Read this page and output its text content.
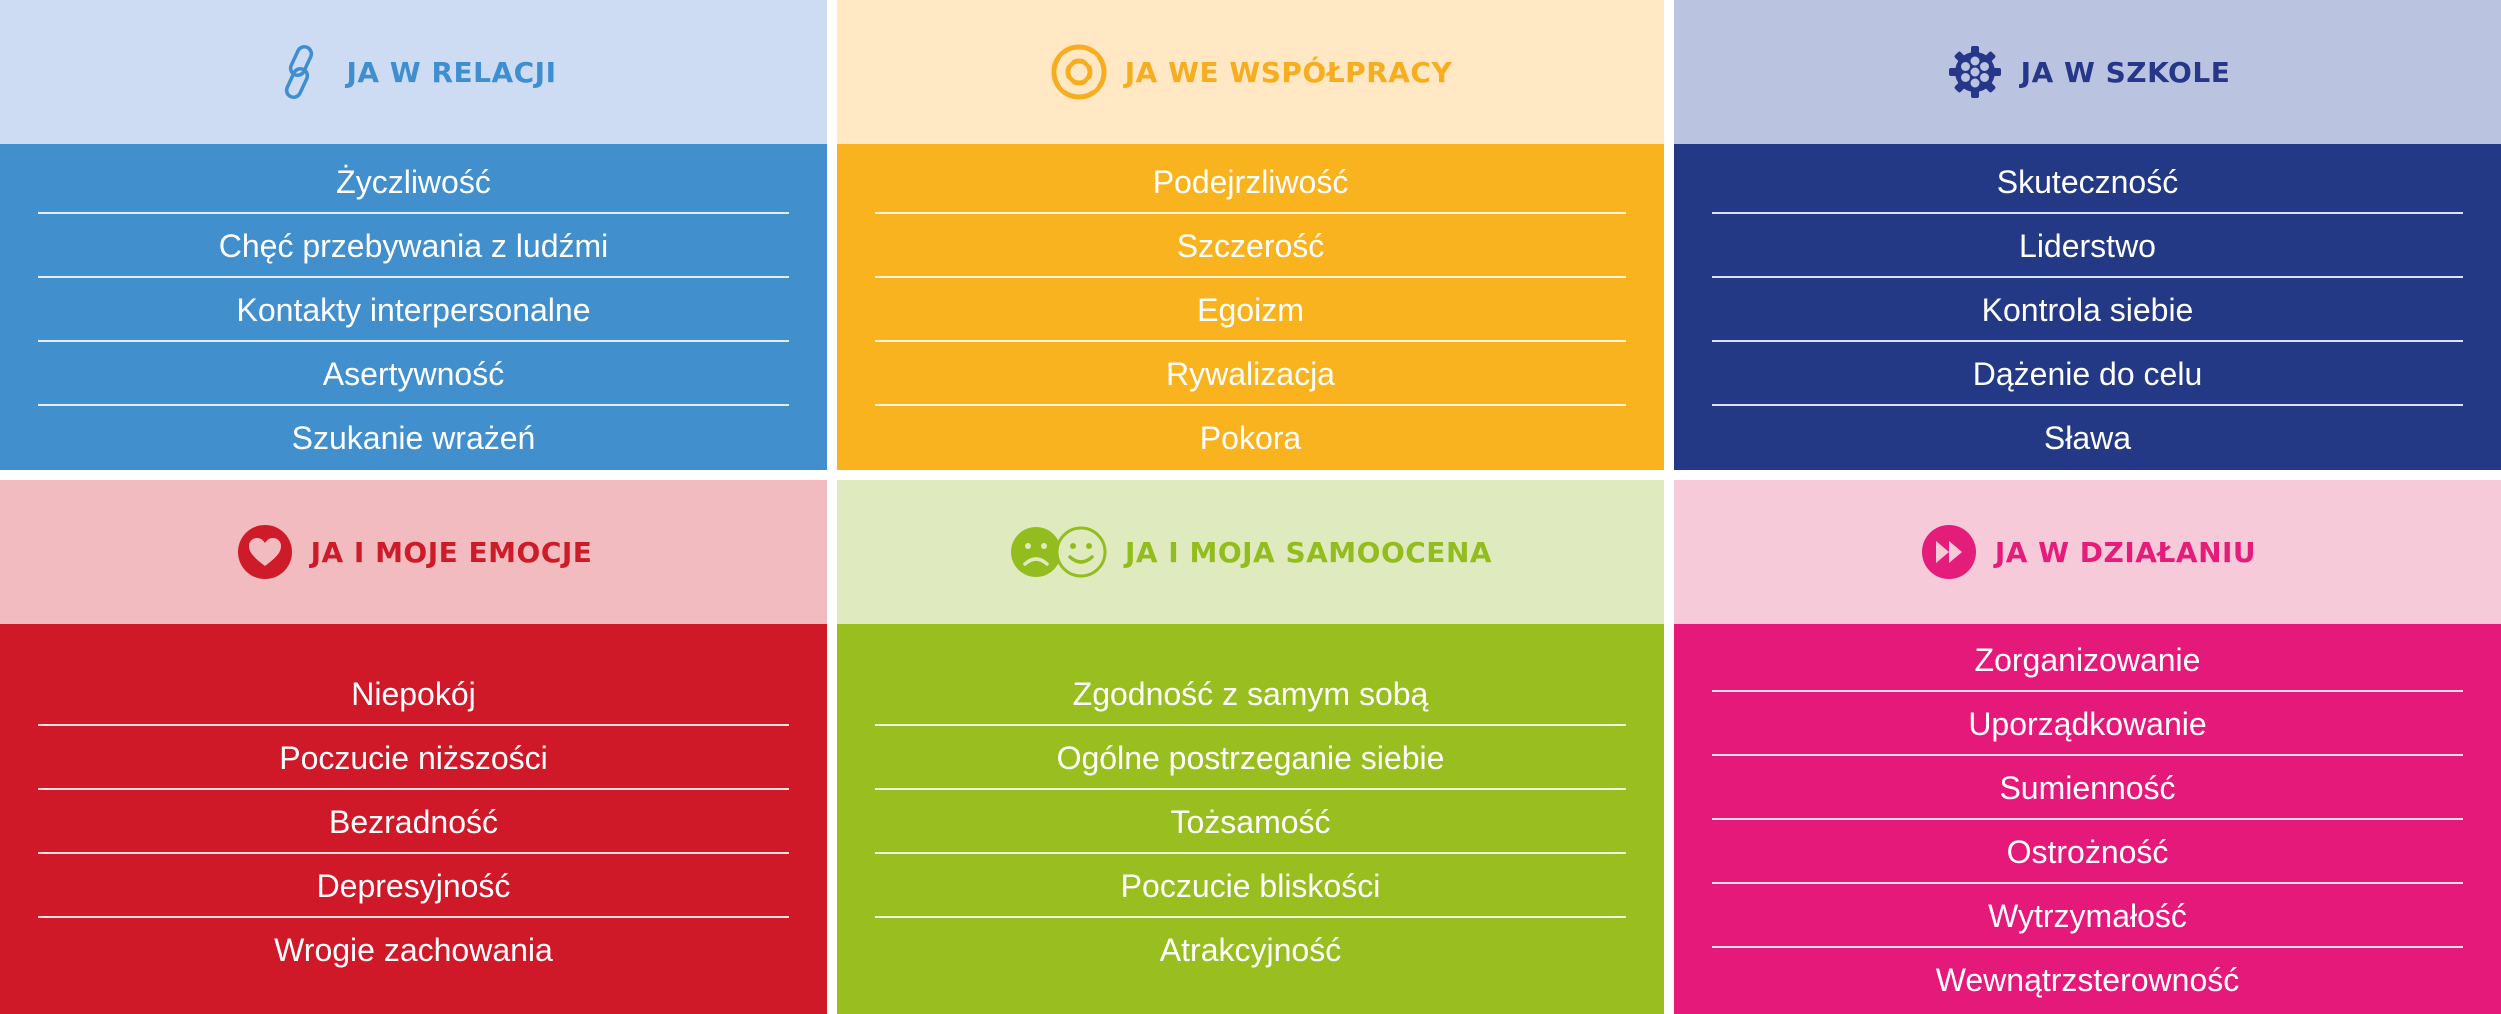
JA W RELACJI
Życzliwość
Chęć przebywania z ludźmi
Kontakty interpersonalne
Asertywność
Szukanie wrażeń
JA WE WSPÓŁPRACY
Podejrzliwość
Szczerość
Egoizm
Rywalizacja
Pokora
JA W SZKOLE
Skuteczność
Liderstwo
Kontrola siebie
Dążenie do celu
Sława
JA I MOJE EMOCJE
Niepokój
Poczucie niższości
Bezradność
Depresyjność
Wrogie zachowania
JA I MOJA SAMOOCENA
Zgodność z samym sobą
Ogólne postrzeganie siebie
Tożsamość
Poczucie bliskości
Atrakcyjność
JA W DZIAŁANIU
Zorganizowanie
Uporządkowanie
Sumienność
Ostrożność
Wytrzymałość
Wewnątrzsterowność
